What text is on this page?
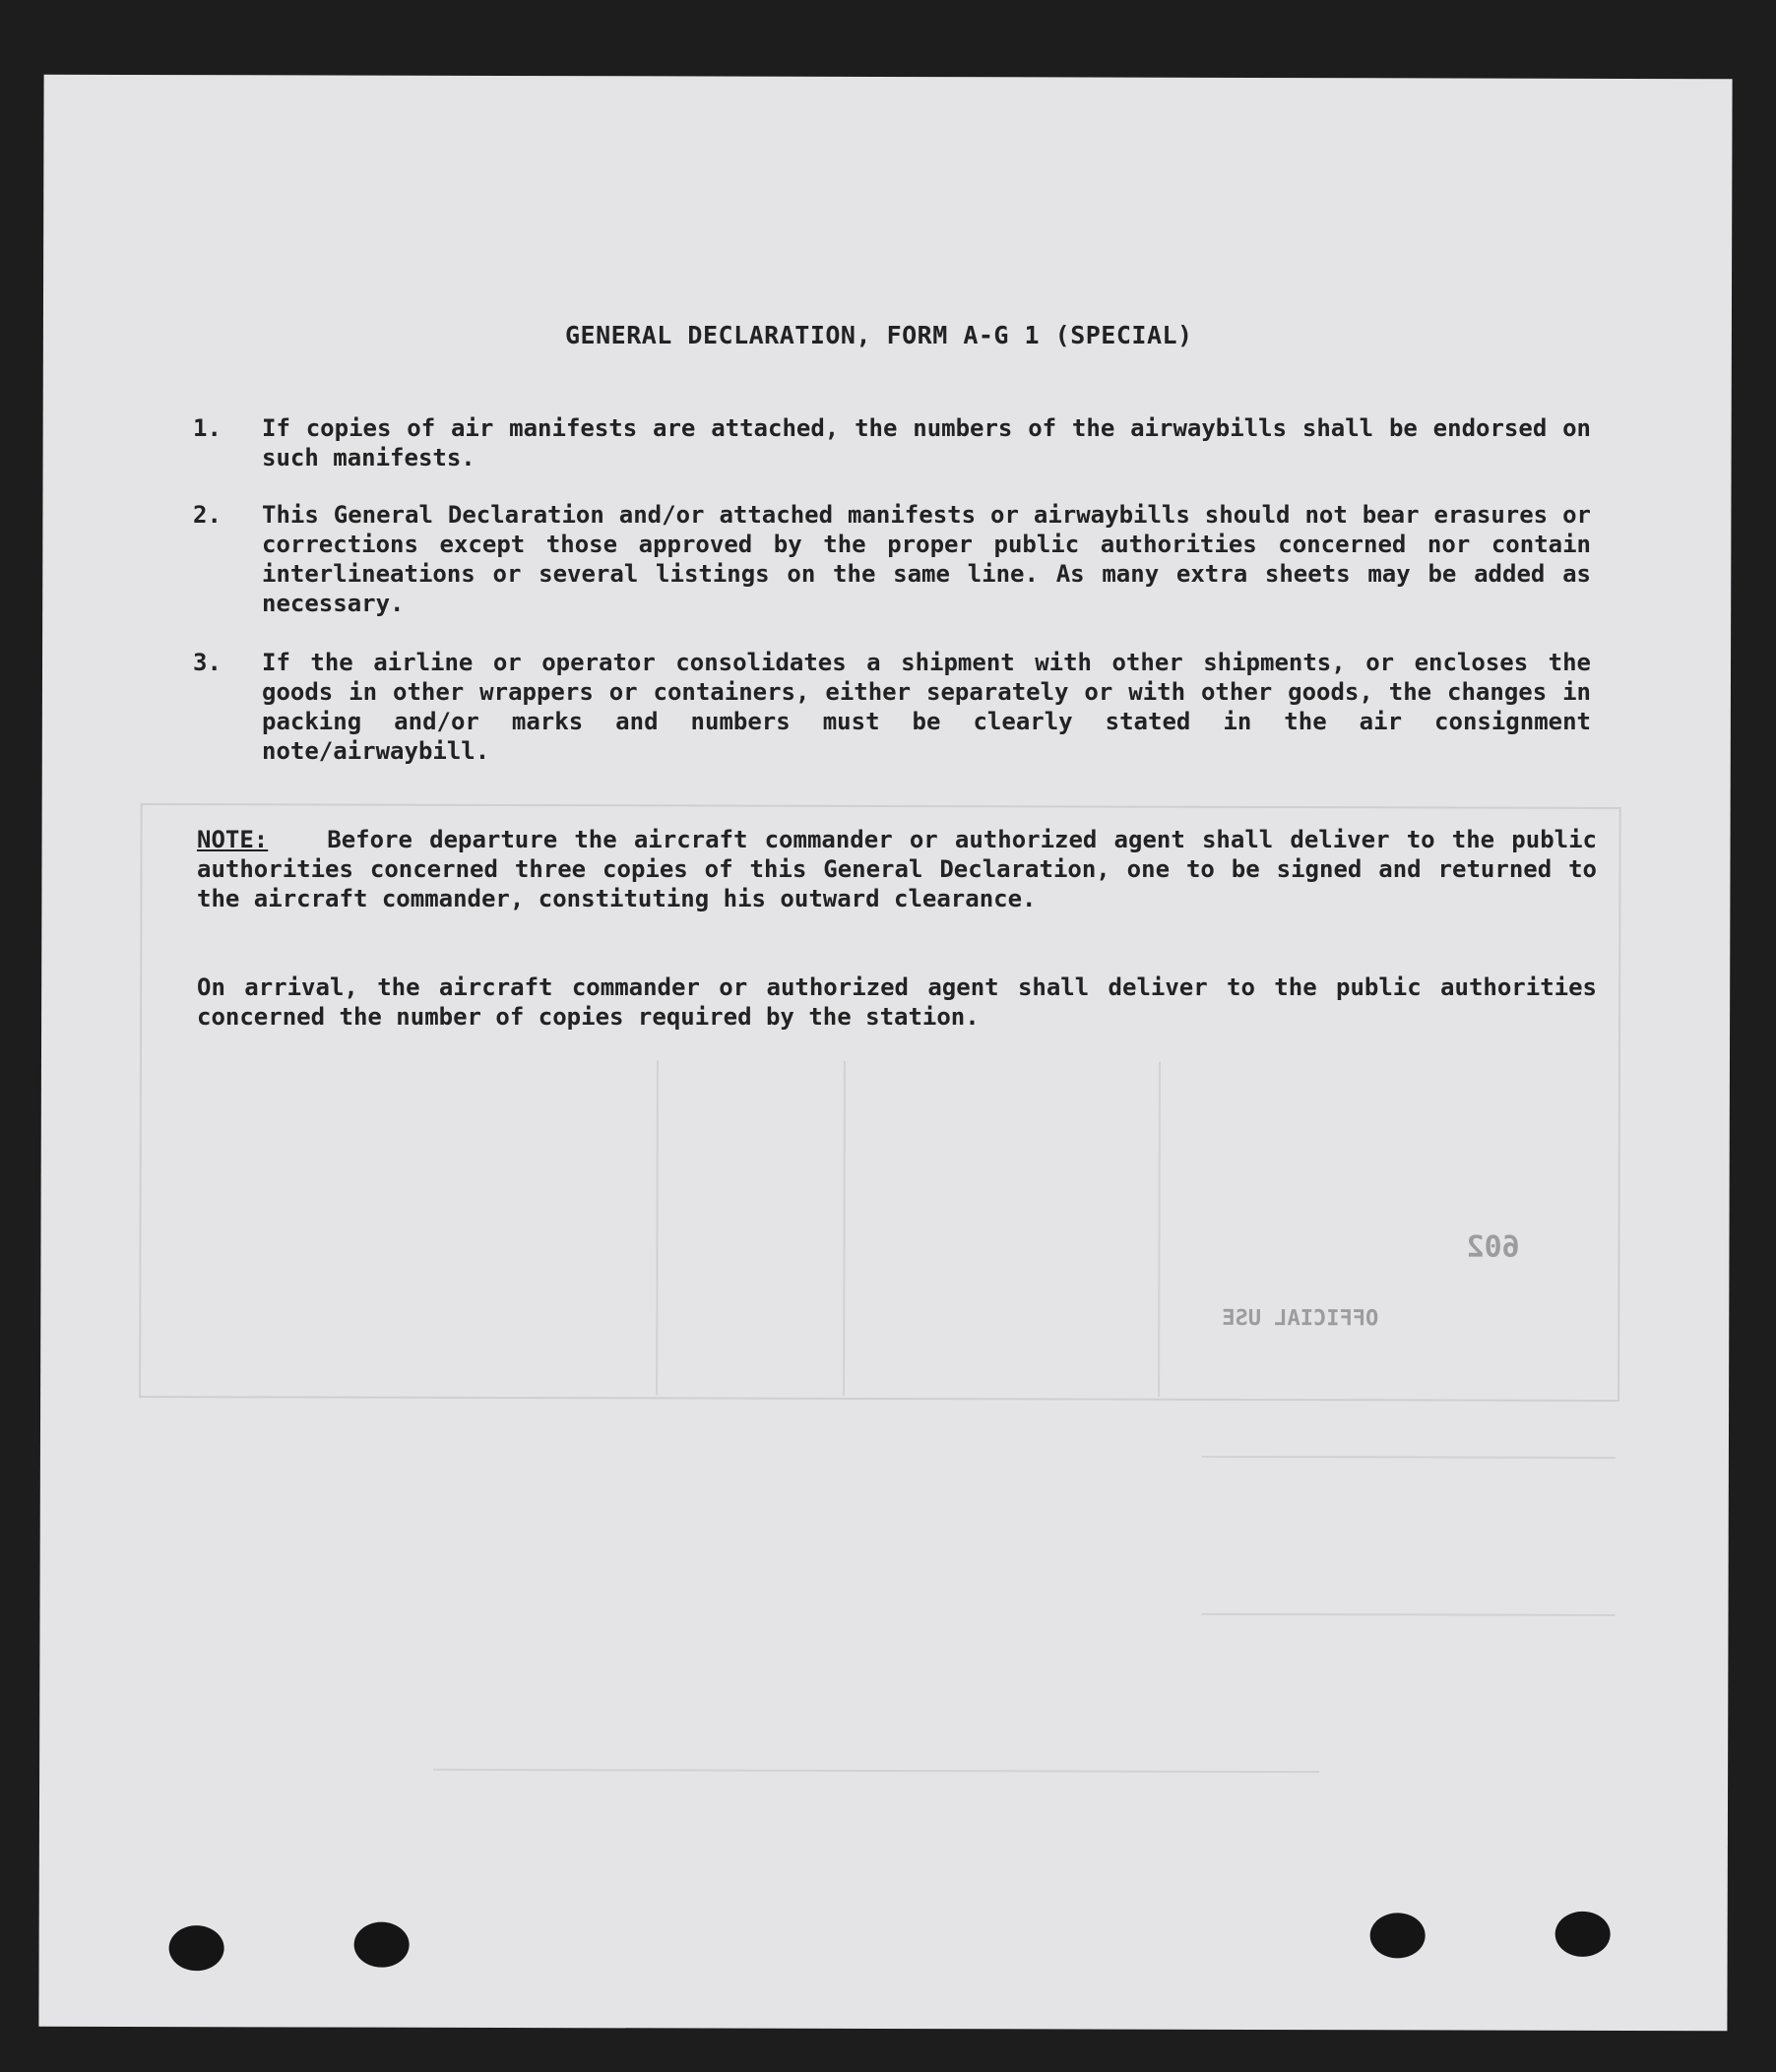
602
OFFICIAL USE
GENERAL DECLARATION, FORM A-G 1 (SPECIAL)
1. If copies of air manifests are attached, the numbers of the airwaybills shall be endorsed on such manifests.
2. This General Declaration and/or attached manifests or airwaybills should not bear erasures or corrections except those approved by the proper public authorities concerned nor contain interlineations or several listings on the same line. As many extra sheets may be added as necessary.
3. If the airline or operator consolidates a shipment with other shipments, or encloses the goods in other wrappers or containers, either separately or with other goods, the changes in packing and/or marks and numbers must be clearly stated in the air consignment note/airwaybill.
NOTE:	Before departure the aircraft commander or authorized agent shall deliver to the public authorities concerned three copies of this General Declaration, one to be signed and returned to the aircraft commander, constituting his outward clearance.
On arrival, the aircraft commander or authorized agent shall deliver to the public authorities concerned the number of copies required by the station.
